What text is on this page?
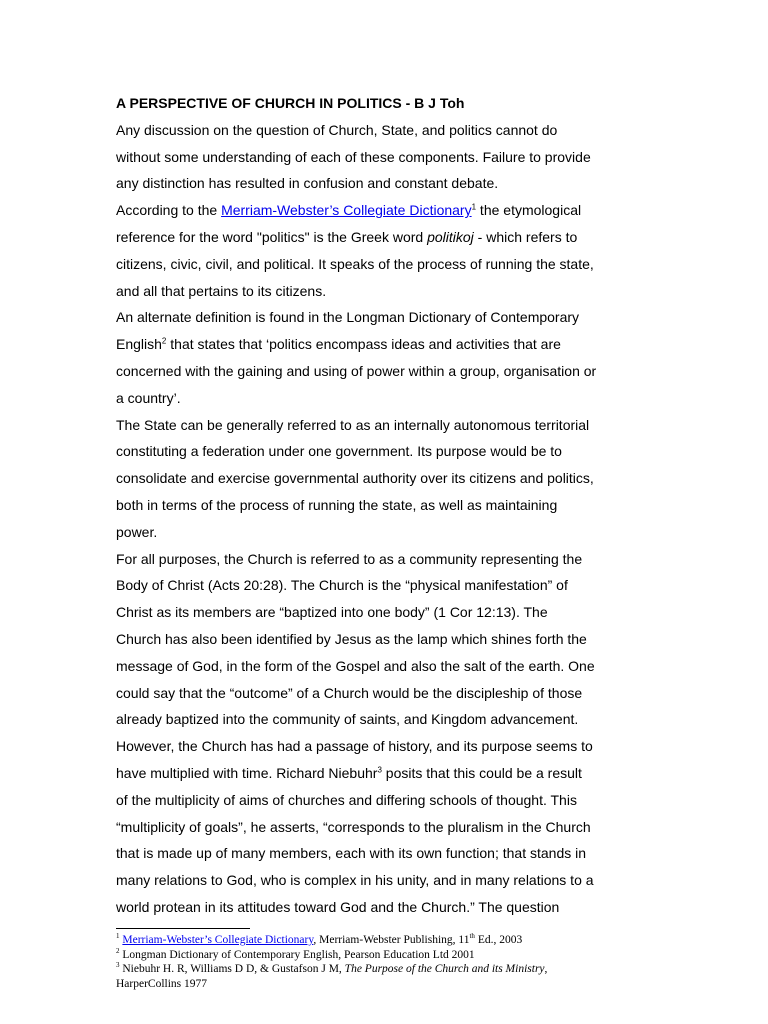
A PERSPECTIVE OF CHURCH IN POLITICS - B J Toh
Any discussion on the question of Church, State, and politics cannot do
without some understanding of each of these components. Failure to provide
any distinction has resulted in confusion and constant debate.
According to the Merriam-Webster’s Collegiate Dictionary$^1$ the etymological
reference for the word "politics" is the Greek word politikoj - which refers to
citizens, civic, civil, and political. It speaks of the process of running the state,
and all that pertains to its citizens.
An alternate definition is found in the Longman Dictionary of Contemporary
English$^2$ that states that ‘politics encompass ideas and activities that are
concerned with the gaining and using of power within a group, organisation or
a country’.
The State can be generally referred to as an internally autonomous territorial
constituting a federation under one government. Its purpose would be to
consolidate and exercise governmental authority over its citizens and politics,
both in terms of the process of running the state, as well as maintaining
power.
For all purposes, the Church is referred to as a community representing the
Body of Christ (Acts 20:28). The Church is the “physical manifestation” of
Christ as its members are “baptized into one body” (1 Cor 12:13). The
Church has also been identified by Jesus as the lamp which shines forth the
message of God, in the form of the Gospel and also the salt of the earth. One
could say that the “outcome” of a Church would be the discipleship of those
already baptized into the community of saints, and Kingdom advancement.
However, the Church has had a passage of history, and its purpose seems to
have multiplied with time. Richard Niebuhr$^3$ posits that this could be a result
of the multiplicity of aims of churches and differing schools of thought. This
“multiplicity of goals”, he asserts, “corresponds to the pluralism in the Church
that is made up of many members, each with its own function; that stands in
many relations to God, who is complex in his unity, and in many relations to a
world protean in its attitudes toward God and the Church.” The question
$^1$ Merriam-Webster’s Collegiate Dictionary, Merriam-Webster Publishing, 11th Ed., 2003
$^2$ Longman Dictionary of Contemporary English, Pearson Education Ltd 2001
$^3$ Niebuhr H. R, Williams D D, & Gustafson J M, The Purpose of the Church and its Ministry,
HarperCollins 1977
